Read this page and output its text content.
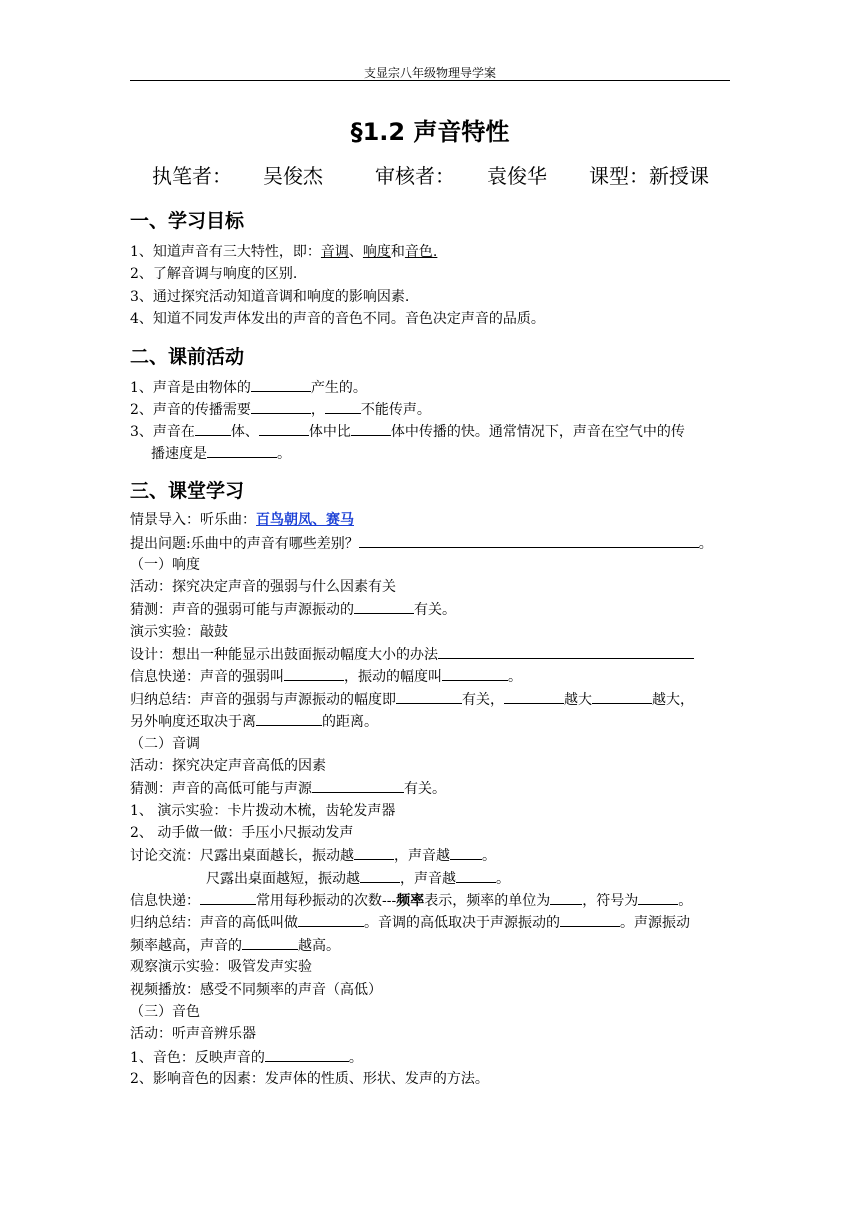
支显宗八年级物理导学案
§1.2 声音特性
执笔者： 吴俊杰	审核者： 袁俊华 课型： 新授课
一、学习目标
1、知道声音有三大特性，即：音调、响度和音色.
2、了解音调与响度的区别.
3、通过探究活动知道音调和响度的影响因素.
4、知道不同发声体发出的声音的音色不同。音色决定声音的品质。
二、课前活动
1、声音是由物体的	产生的。
2、声音的传播需要	，	不能传声。
3、声音在	体、	体中比	体中传播的快。通常情况下，声音在空气中的传
播速度是	。
三、课堂学习
情景导入：听乐曲：百鸟朝凤、赛马
提出问题:乐曲中的声音有哪些差别？	。
（一）响度
活动：探究决定声音的强弱与什么因素有关
猜测：声音的强弱可能与声源振动的	有关。
演示实验：敲鼓
设计：想出一种能显示出鼓面振动幅度大小的办法
信息快递：声音的强弱叫	，振动的幅度叫	。
归纳总结：声音的强弱与声源振动的幅度即	有关，	越大	越大，
另外响度还取决于离	的距离。
（二）音调
活动：探究决定声音高低的因素
猜测：声音的高低可能与声源	有关。
1、 演示实验：卡片拨动木梳，齿轮发声器
2、 动手做一做：手压小尺振动发声
讨论交流：尺露出桌面越长，振动越	，声音越 。
尺露出桌面越短，振动越	，声音越	。
信息快递：	常用每秒振动的次数---频率表示，频率的单位为 ，符号为	。
归纳总结：声音的高低叫做	。音调的高低取决于声源振动的	。声源振动
频率越高，声音的	越高。
观察演示实验：吸管发声实验
视频播放：感受不同频率的声音（高低）
（三）音色
活动：听声音辨乐器
1、音色：反映声音的	。
2、影响音色的因素：发声体的性质、形状、发声的方法。
